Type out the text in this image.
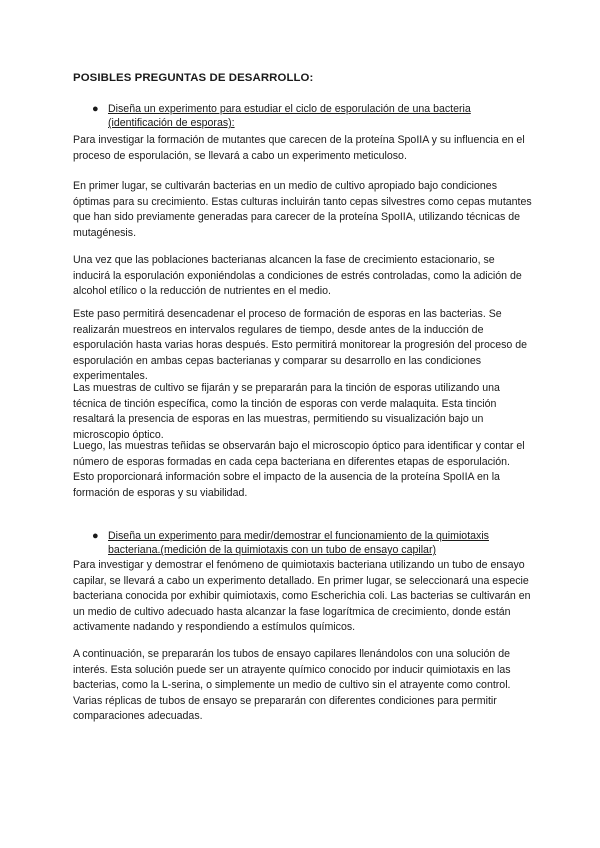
POSIBLES PREGUNTAS DE DESARROLLO:
● Diseña un experimento para estudiar el ciclo de esporulación de una bacteria (identificación de esporas):

Para investigar la formación de mutantes que carecen de la proteína SpoIIA y su influencia en el proceso de esporulación, se llevará a cabo un experimento meticuloso.

En primer lugar, se cultivarán bacterias en un medio de cultivo apropiado bajo condiciones óptimas para su crecimiento. Estas culturas incluirán tanto cepas silvestres como cepas mutantes que han sido previamente generadas para carecer de la proteína SpoIIA, utilizando técnicas de mutagénesis.

Una vez que las poblaciones bacterianas alcancen la fase de crecimiento estacionario, se inducirá la esporulación exponiéndolas a condiciones de estrés controladas, como la adición de alcohol etílico o la reducción de nutrientes en el medio.

Este paso permitirá desencadenar el proceso de formación de esporas en las bacterias. Se realizarán muestreos en intervalos regulares de tiempo, desde antes de la inducción de esporulación hasta varias horas después. Esto permitirá monitorear la progresión del proceso de esporulación en ambas cepas bacterianas y comparar su desarrollo en las condiciones experimentales.

Las muestras de cultivo se fijarán y se prepararán para la tinción de esporas utilizando una técnica de tinción específica, como la tinción de esporas con verde malaquita. Esta tinción resaltará la presencia de esporas en las muestras, permitiendo su visualización bajo un microscopio óptico.

Luego, las muestras teñidas se observarán bajo el microscopio óptico para identificar y contar el número de esporas formadas en cada cepa bacteriana en diferentes etapas de esporulación. Esto proporcionará información sobre el impacto de la ausencia de la proteína SpoIIA en la formación de esporas y su viabilidad.

● Diseña un experimento para medir/demostrar el funcionamiento de la quimiotaxis bacteriana.(medición de la quimiotaxis con un tubo de ensayo capilar)

Para investigar y demostrar el fenómeno de quimiotaxis bacteriana utilizando un tubo de ensayo capilar, se llevará a cabo un experimento detallado. En primer lugar, se seleccionará una especie bacteriana conocida por exhibir quimiotaxis, como Escherichia coli. Las bacterias se cultivarán en un medio de cultivo adecuado hasta alcanzar la fase logarítmica de crecimiento, donde están activamente nadando y respondiendo a estímulos químicos.

A continuación, se prepararán los tubos de ensayo capilares llenándolos con una solución de interés. Esta solución puede ser un atrayente químico conocido por inducir quimiotaxis en las bacterias, como la L-serina, o simplemente un medio de cultivo sin el atrayente como control. Varias réplicas de tubos de ensayo se prepararán con diferentes condiciones para permitir comparaciones adecuadas.
